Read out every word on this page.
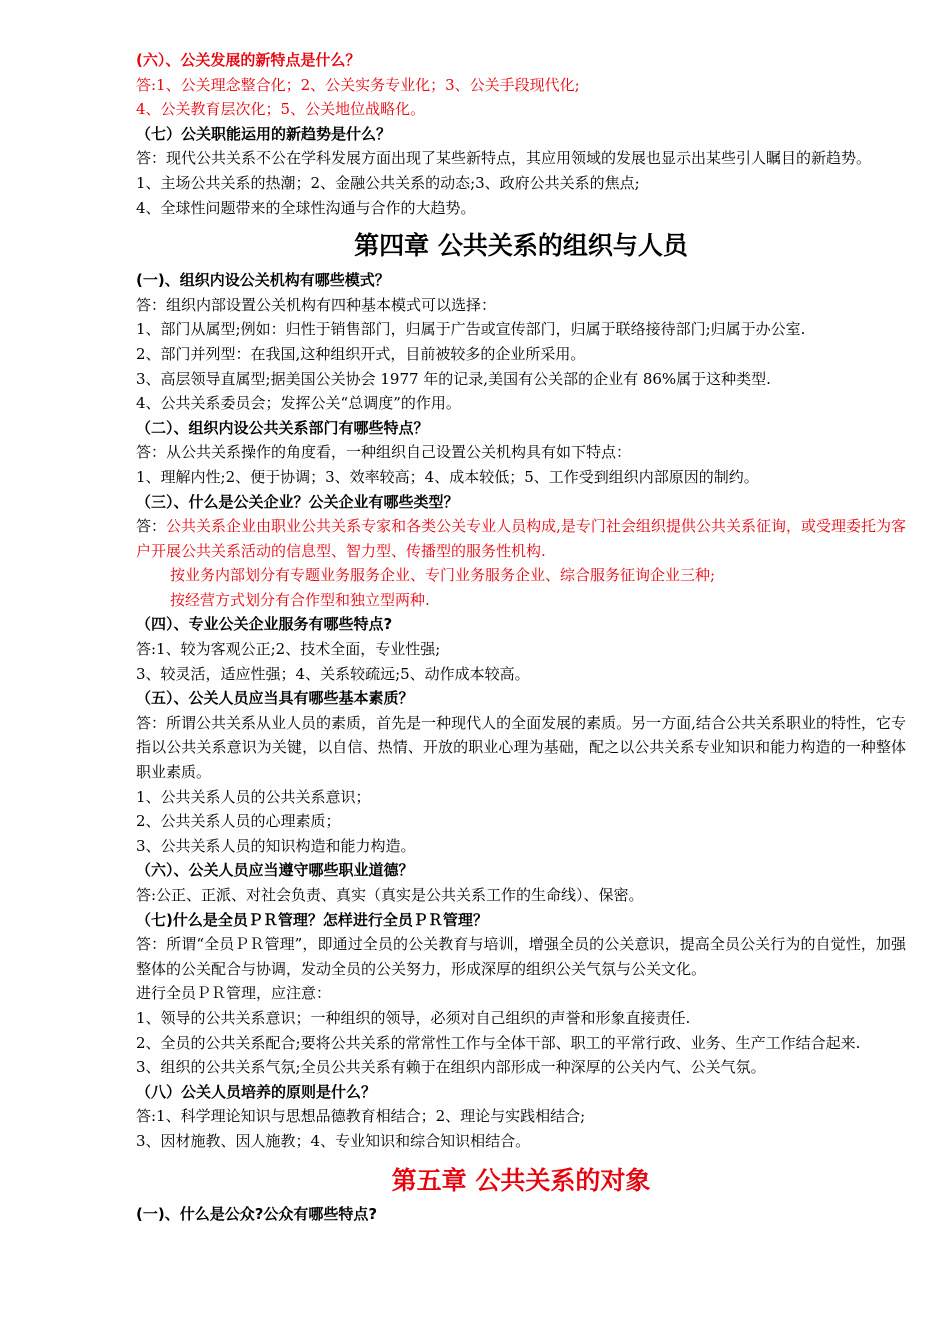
(六）、公关发展的新特点是什么？
答:1、公关理念整合化；2、公关实务专业化；3、公关手段现代化;
4、公关教育层次化；5、公关地位战略化。
（七）公关职能运用的新趋势是什么？
答：现代公共关系不公在学科发展方面出现了某些新特点，其应用领域的发展也显示出某些引人瞩目的新趋势。
1、主场公共关系的热潮；2、金融公共关系的动态;3、政府公共关系的焦点;
4、全球性问题带来的全球性沟通与合作的大趋势。
第四章 公共关系的组织与人员
(一)、组织内设公关机构有哪些模式？
答：组织内部设置公关机构有四种基本模式可以选择：
1、部门从属型;例如：归性于销售部门，归属于广告或宣传部门，归属于联络接待部门;归属于办公室.
2、部门并列型：在我国,这种组织开式，目前被较多的企业所采用。
3、高层领导直属型;据美国公关协会 1977 年的记录,美国有公关部的企业有 86%属于这种类型.
4、公共关系委员会；发挥公关“总调度”的作用。
（二）、组织内设公共关系部门有哪些特点？
答：从公共关系操作的角度看，一种组织自己设置公关机构具有如下特点：
1、理解内性;2、便于协调；3、效率较高；4、成本较低；5、工作受到组织内部原因的制约。
（三）、什么是公关企业？公关企业有哪些类型？
答：公共关系企业由职业公共关系专家和各类公关专业人员构成,是专门社会组织提供公共关系征询，或受理委托为客户开展公共关系活动的信息型、智力型、传播型的服务性机构.
按业务内部划分有专题业务服务企业、专门业务服务企业、综合服务征询企业三种;
按经营方式划分有合作型和独立型两种.
（四）、专业公关企业服务有哪些特点?
答:1、较为客观公正;2、技术全面，专业性强;
3、较灵活，适应性强；4、关系较疏远;5、动作成本较高。
（五）、公关人员应当具有哪些基本素质？
答：所谓公共关系从业人员的素质，首先是一种现代人的全面发展的素质。另一方面,结合公共关系职业的特性，它专指以公共关系意识为关键，以自信、热情、开放的职业心理为基础，配之以公共关系专业知识和能力构造的一种整体职业素质。
1、公共关系人员的公共关系意识；
2、公共关系人员的心理素质；
3、公共关系人员的知识构造和能力构造。
（六）、公关人员应当遵守哪些职业道德？
答:公正、正派、对社会负责、真实（真实是公共关系工作的生命线）、保密。
（七)什么是全员ＰＲ管理？怎样进行全员ＰＲ管理？
答：所谓“全员ＰＲ管理”，即通过全员的公关教育与培训，增强全员的公关意识，提高全员公关行为的自觉性，加强整体的公关配合与协调，发动全员的公关努力，形成深厚的组织公关气氛与公关文化。
进行全员ＰＲ管理，应注意：
1、领导的公共关系意识；一种组织的领导，必须对自己组织的声誉和形象直接责任.
2、全员的公共关系配合;要将公共关系的常常性工作与全体干部、职工的平常行政、业务、生产工作结合起来.
3、组织的公共关系气氛;全员公共关系有赖于在组织内部形成一种深厚的公关内气、公关气氛。
（八）公关人员培养的原则是什么？
答:1、科学理论知识与思想品德教育相结合；2、理论与实践相结合;
3、因材施教、因人施教；4、专业知识和综合知识相结合。
第五章 公共关系的对象
(一)、什么是公众?公众有哪些特点?
